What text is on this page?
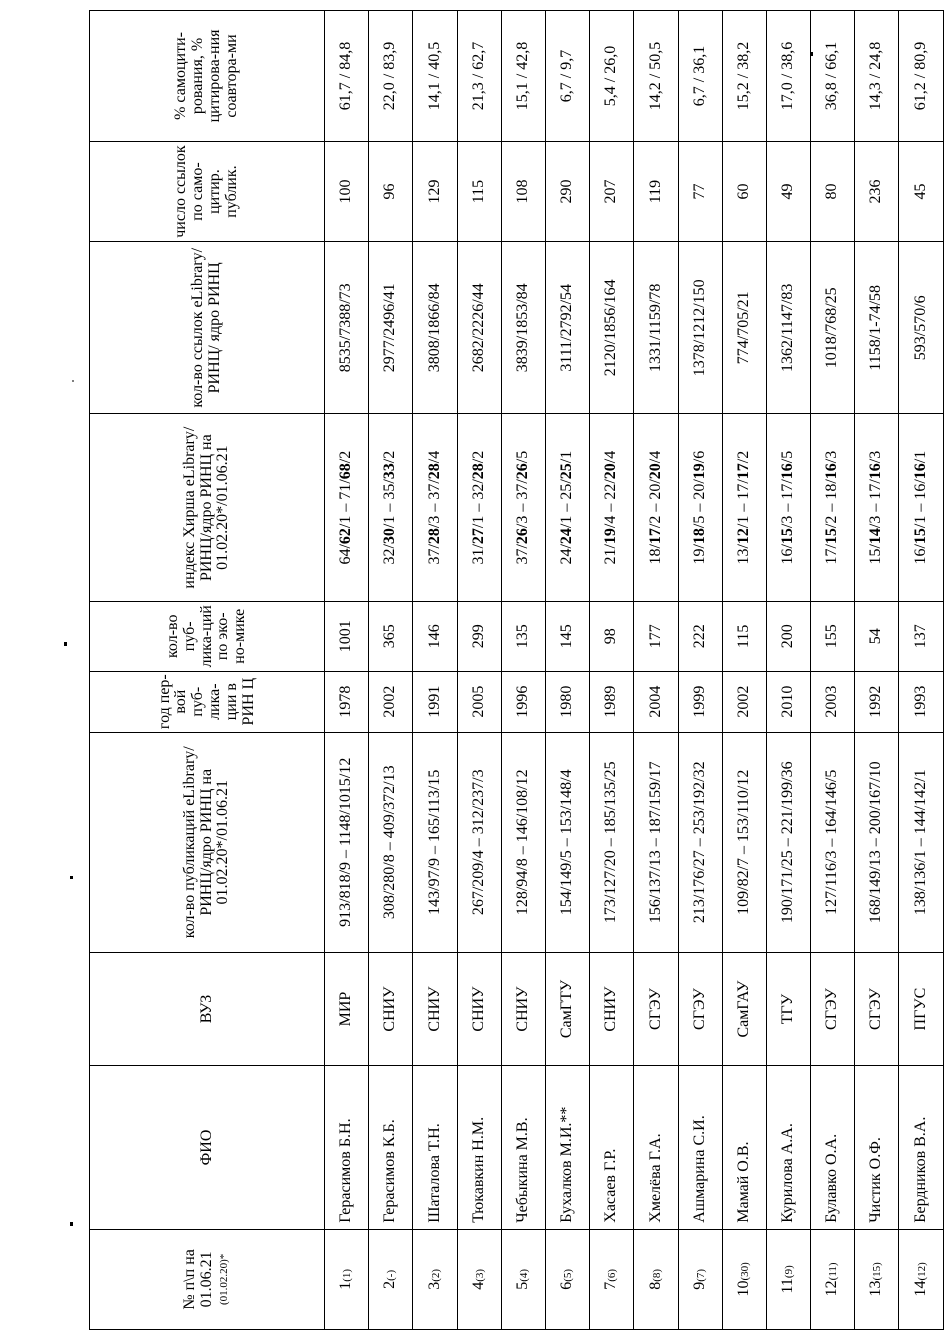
№ п\п на 01.06.21 (01.02.20)*	ФИО	ВУЗ	кол-во публикаций eLibrary/РИНЦ/ядро РИНЦ на 01.02.20*/01.06.21	год пер-вой пуб-лика-ции в РИН Ц	кол-во пуб-лика-ций по эко-но-мике	индекс Хирша eLibrary/РИНЦ/ядро РИНЦ на 01.02.20*/01.06.21	кол-во ссылок eLibrary/ РИНЦ/ ядро РИНЦ	число ссылок по само-цитир. публик.	% самоцити-рования, % цитирова-ния соавтора-ми
1(1)	Герасимов Б.Н.	МИР	913/818/9 – 1148/1015/12	1978	1001	64/62/1 – 71/68/2	8535/7388/73	100	61,7 / 84,8
2(-)	Герасимов К.Б.	СНИУ	308/280/8 – 409/372/13	2002	365	32/30/1 – 35/33/2	2977/2496/41	96	22,0 / 83,9
3(2)	Шаталова Т.Н.	СНИУ	143/97/9 – 165/113/15	1991	146	37/28/3 – 37/28/4	3808/1866/84	129	14,1 / 40,5
4(3)	Тюкавкин Н.М.	СНИУ	267/209/4 – 312/237/3	2005	299	31/27/1 – 32/28/2	2682/2226/44	115	21,3 / 62,7
5(4)	Чебыкина М.В.	СНИУ	128/94/8 – 146/108/12	1996	135	37/26/3 – 37/26/5	3839/1853/84	108	15,1 / 42,8
6(5)	Бухалков М.И.**	СамГТУ	154/149/5 – 153/148/4	1980	145	24/24/1 – 25/25/1	3111/2792/54	290	6,7 / 9,7
7(6)	Хасаев Г.Р.	СНИУ	173/127/20 – 185/135/25	1989	98	21/19/4 – 22/20/4	2120/1856/164	207	5,4 / 26,0
8(8)	Хмелёва Г.А.	СГЭУ	156/137/13 – 187/159/17	2004	177	18/17/2 – 20/20/4	1331/1159/78	119	14,2 / 50,5
9(7)	Ашмарина С.И.	СГЭУ	213/176/27 – 253/192/32	1999	222	19/18/5 – 20/19/6	1378/1212/150	77	6,7 / 36,1
10(30)	Мамай О.В.	СамГАУ	109/82/7 – 153/110/12	2002	115	13/12/1 – 17/17/2	774/705/21	60	15,2 / 38,2
11(9)	Курилова А.А.	ТГУ	190/171/25 – 221/199/36	2010	200	16/15/3 – 17/16/5	1362/1147/83	49	17,0 / 38,6
12(11)	Булавко О.А.	СГЭУ	127/116/3 – 164/146/5	2003	155	17/15/2 – 18/16/3	1018/768/25	80	36,8 / 66,1
13(15)	Чистик О.Ф.	СГЭУ	168/149/13 – 200/167/10	1992	54	15/14/3 – 17/16/3	1158/1-74/58	236	14,3 / 24,8
14(12)	Бердников В.А.	ПГУС	138/136/1 – 144/142/1	1993	137	16/15/1 – 16/16/1	593/570/6	45	61,2 / 80,9
